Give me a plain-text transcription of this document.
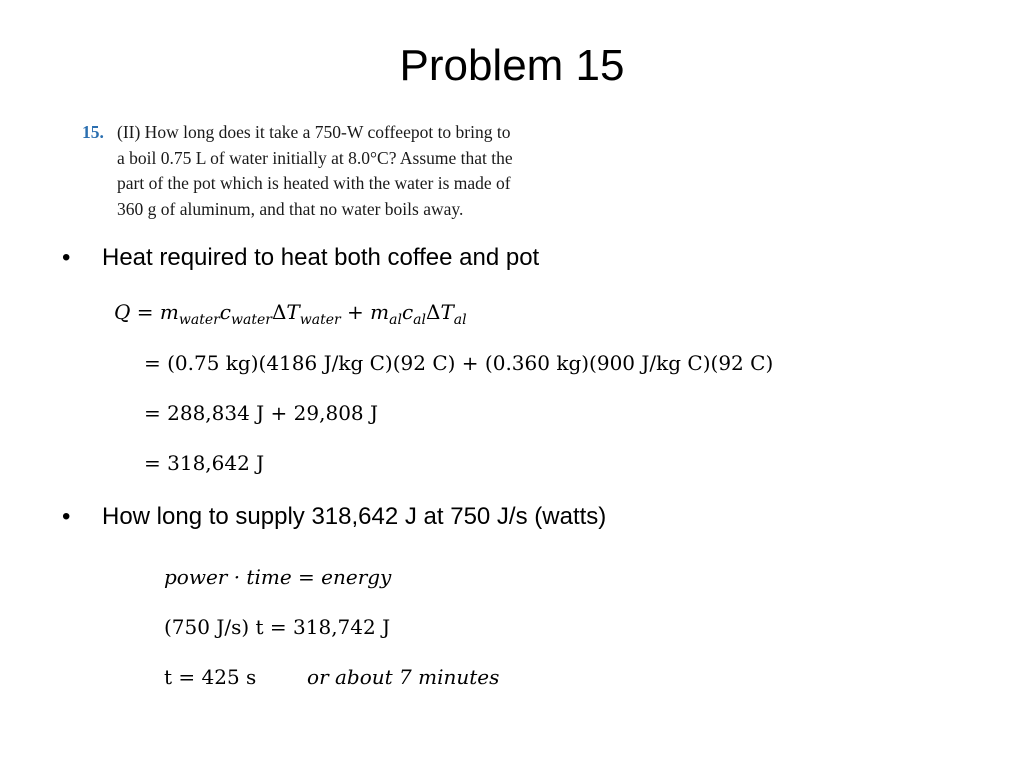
Problem 15
15. (II) How long does it take a 750-W coffeepot to bring to
a boil 0.75 L of water initially at 8.0°C? Assume that the
part of the pot which is heated with the water is made of
360 g of aluminum, and that no water boils away.
• Heat required to heat both coffee and pot
$Q = m_{water}c_{water}\Delta T_{water} + m_{al}c_{al}\Delta T_{al}$
= (0.75 kg)(4186 J/kg C)(92 C) + (0.360 kg)(900 J/kg C)(92 C)
= 288,834 J + 29,808 J
= 318,642 J
• How long to supply 318,642 J at 750 J/s (watts)
power · time = energy
(750 J/s) t = 318,742 J
t = 425 s	or about 7 minutes
